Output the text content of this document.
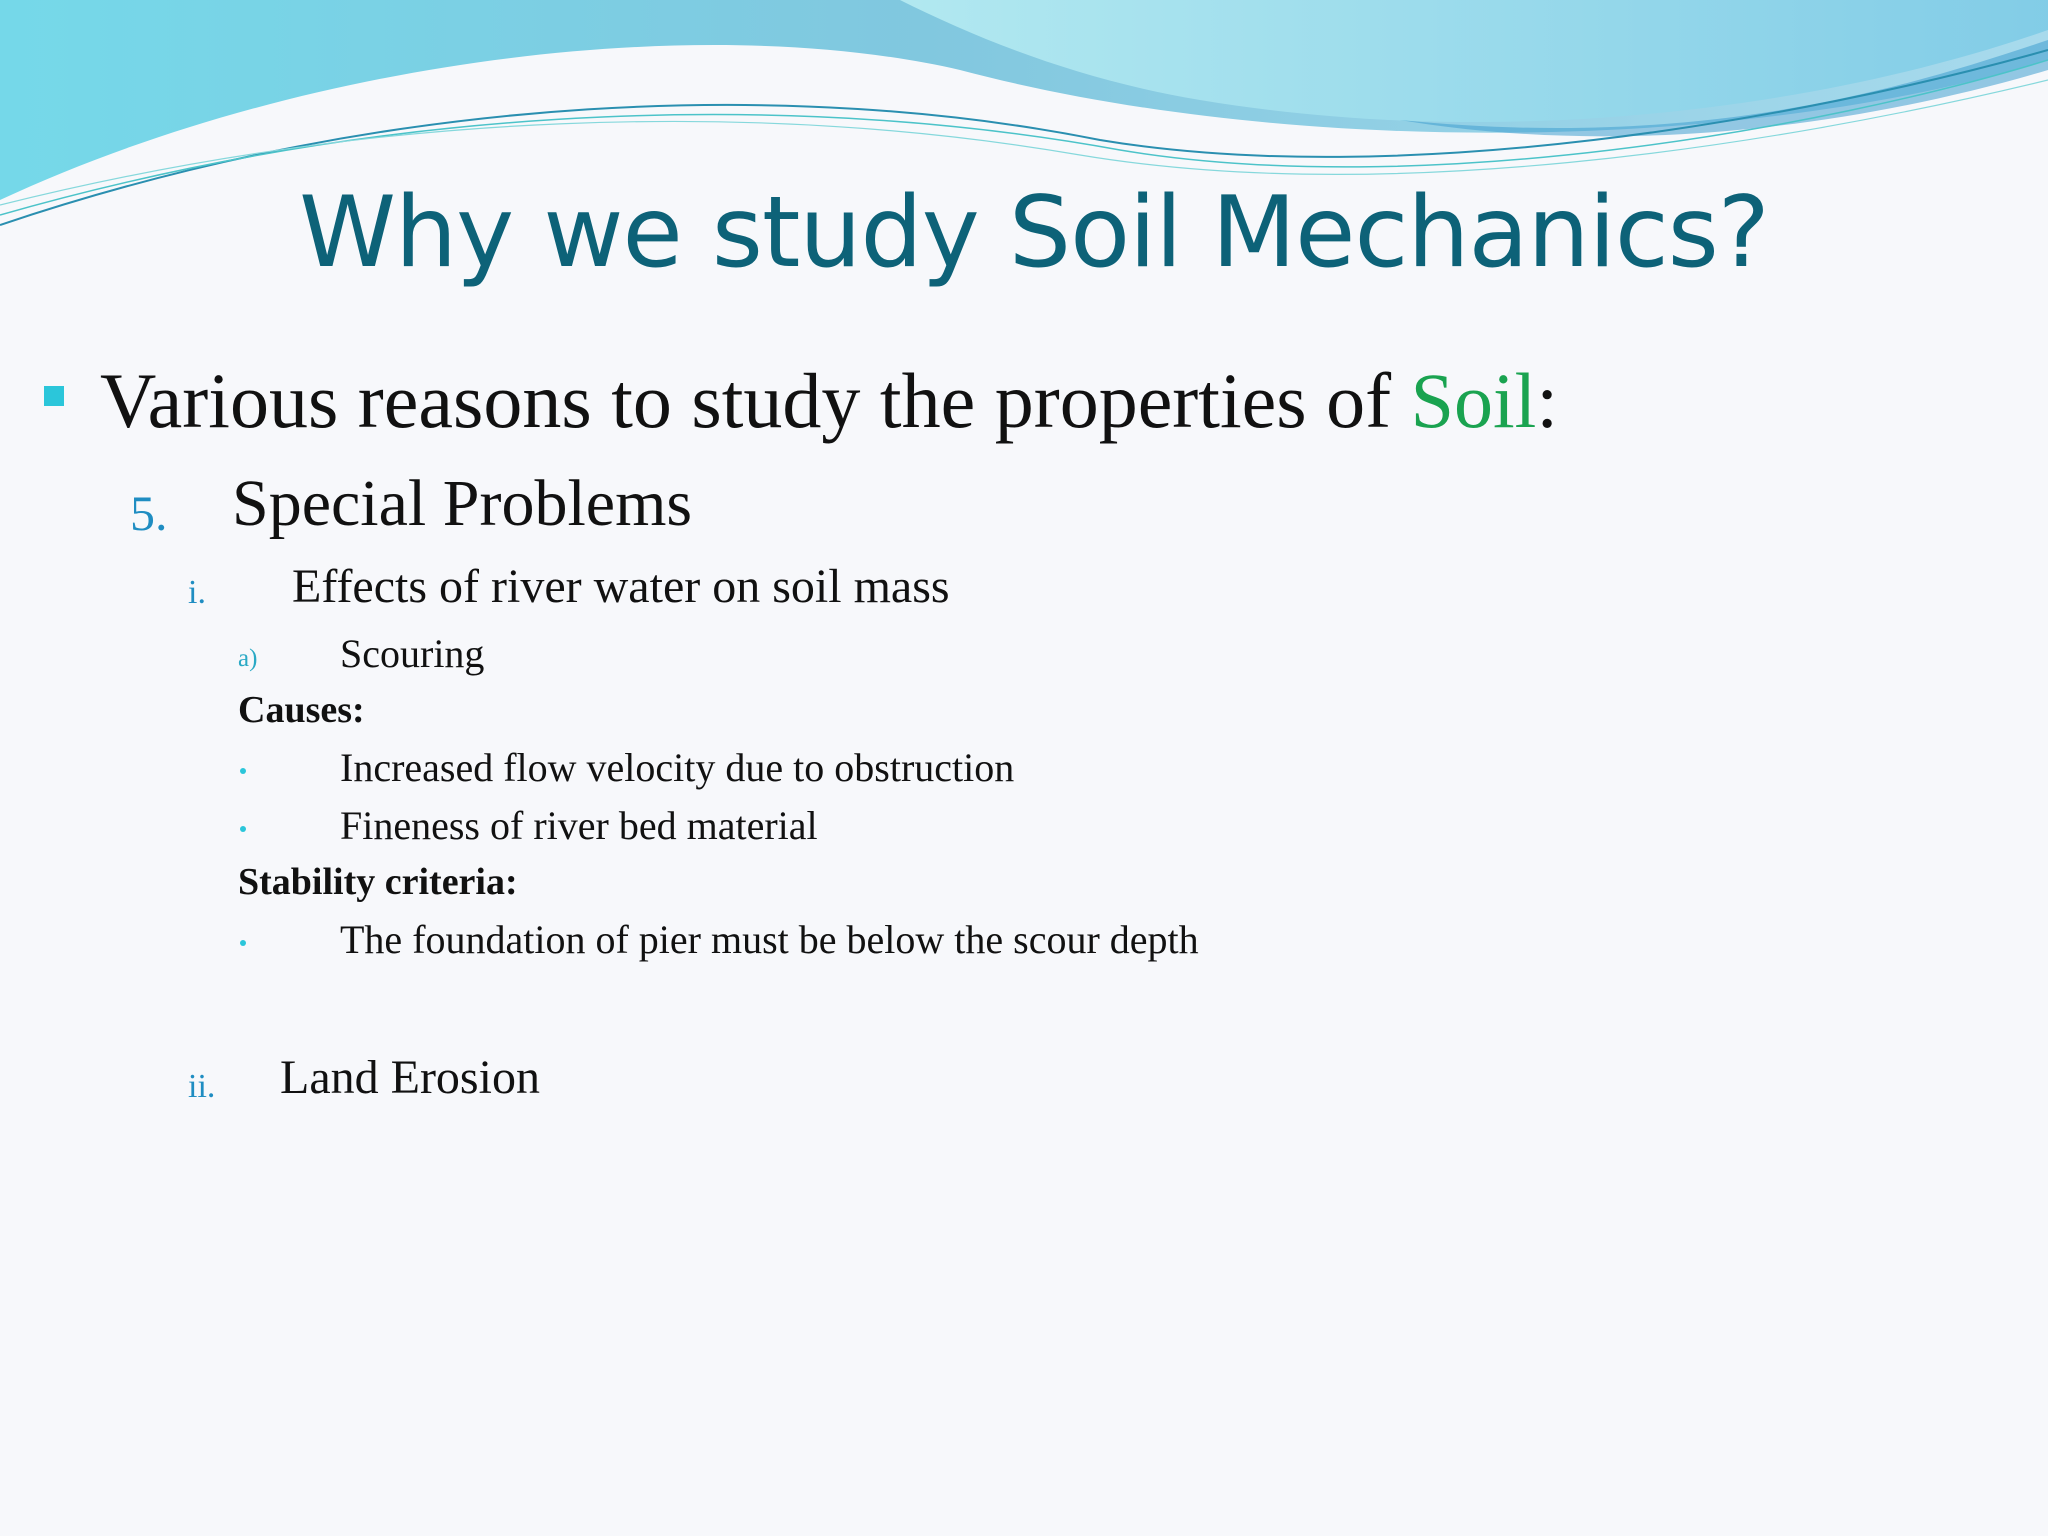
Why we study Soil Mechanics?
Various reasons to study the properties of Soil:
5. Special Problems
i. Effects of river water on soil mass
a) Scouring
Causes:
Increased flow velocity due to obstruction
Fineness of river bed material
Stability criteria:
The foundation of pier must be below the scour depth
ii. Land Erosion
